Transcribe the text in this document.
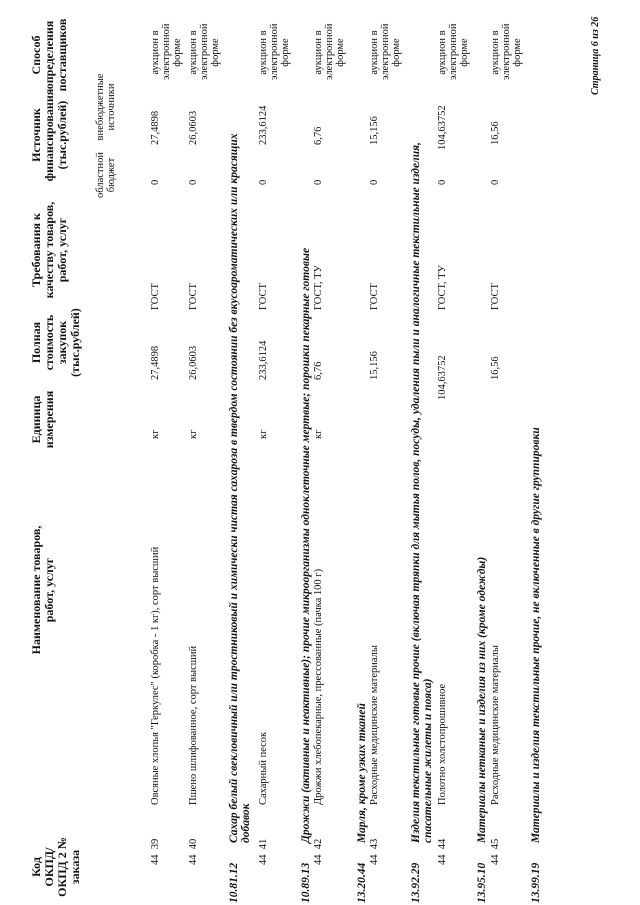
Код ОКПД/ ОКПД 2 № заказа
Наименование товаров, работ, услуг
Единица измерения
Полная стоимость закупок (тыс.рублей)
Требования к качеству товаров, работ, услуг
Источник финансирования (тыс.рублей)
областной бюджет
внебюджетные источники
Способ определения поставщиков
44  39
Овсяные хлопья "Геркулес" (коробка - 1 кг), сорт высший
кг
27,4898
ГОСТ
0
27,4898
аукцион в электронной форме
44  40
Пшено шлифованное, сорт высший
кг
26,0603
ГОСТ
0
26,0603
аукцион в электронной форме
10.81.12
Сахар белый свекловичный или тростниковый и химически чистая сахароза в твердом состоянии без вкусоароматических или красящих добавок
44  41
Сахарный песок
кг
233,6124
ГОСТ
0
233,6124
аукцион в электронной форме
10.89.13
Дрожжи (активные и неактивные); прочие микроорганизмы одноклеточные мертвые; порошки пекарные готовые
44  42
Дрожжи хлебопекарные, прессованные (пачка 100 г)
кг
6,76
ГОСТ, ТУ
0
6,76
аукцион в электронной форме
13.20.44
Марля, кроме узких тканей
44  43
Расходные медицинские материалы
15,156
ГОСТ
0
15,156
аукцион в электронной форме
13.92.29
Изделия текстильные готовые прочие (включая тряпки для мытья полов, посуды, удаления пыли и аналогичные текстильные изделия, спасательные жилеты и пояса)
44  44
Полотно холстопрошивное
104,63752
ГОСТ, ТУ
0
104,63752
аукцион в электронной форме
13.95.10
Материалы нетканые и изделия из них (кроме одежды)
44  45
Расходные медицинские материалы
16,56
ГОСТ
0
16,56
аукцион в электронной форме
13.99.19
Материалы и изделия текстильные прочие, не включенные в другие группировки
Страница 6 из 26
